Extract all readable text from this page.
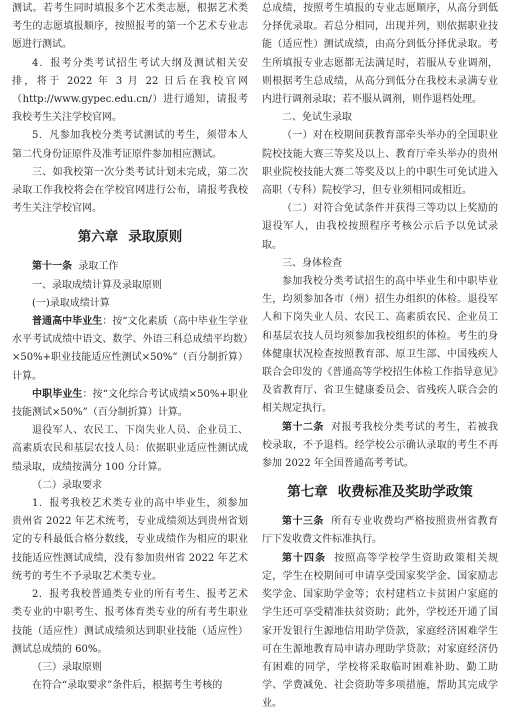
测试。若考生同时填报多个艺术类志愿，根据艺术类考生的志愿填报顺序，按照报考的第一个艺术专业志愿进行测试。

4．报考分类考试招生考试大纲及测试相关安排，将于 2022 年 3 月 22 日后在我校官网（http://www.gypec.edu.cn/）进行通知，请报考我校考生关注学校官网。

5．凡参加我校分类考试测试的考生，须带本人第二代身份证原件及准考证原件参加相应测试。

三、如我校第一次分类考试计划未完成，第二次录取工作我校将会在学校官网进行公布，请报考我校考生关注学校官网。

第六章 录取原则

第十一条 录取工作

一、录取成绩计算及录取原则

(一)录取成绩计算

普通高中毕业生：按“文化素质（高中毕业生学业水平考试成绩中语文、数学、外语三科总成绩平均数）×50%+职业技能适应性测试×50%”（百分制折算）计算。

中职毕业生：按“文化综合考试成绩×50%+职业技能测试×50%”（百分制折算）计算。

退役军人、农民工、下岗失业人员、企业员工、高素质农民和基层农技人员：依据职业适应性测试成绩录取，成绩按满分 100 分计算。

（二）录取要求

1．报考我校艺术类专业的高中毕业生，须参加贵州省 2022 年艺术统考，专业成绩须达到贵州省划定的专科最低合格分数线，专业成绩作为相应的职业技能适应性测试成绩，没有参加贵州省 2022 年艺术统考的考生不予录取艺术类专业。

2．报考我校普通类专业的所有考生、报考艺术类专业的中职考生、报考体育类专业的所有考生职业技能（适应性）测试成绩须达到职业技能（适应性）测试总成绩的 60%。

（三）录取原则

在符合“录取要求”条件后，根据考生考核的

总成绩，按照考生填报的专业志愿顺序，从高分到低分择优录取。若总分相同，出现并列，则依据职业技能（适应性）测试成绩，由高分到低分择优录取。考生所填报专业志愿都无法满足时，若服从专业调剂，则根据考生总成绩，从高分到低分在我校未录满专业内进行调剂录取；若不服从调剂，则作退档处理。

二、免试生录取

（一）对在校期间获教育部牵头举办的全国职业院校技能大赛三等奖及以上、教育厅牵头举办的贵州职业院校技能大赛二等奖及以上的中职生可免试进入高职（专科）院校学习，但专业须相同或相近。

（二）对符合免试条件并获得三等功以上奖励的退役军人，由我校按照程序考核公示后予以免试录取。

三、身体检查

参加我校分类考试招生的高中毕业生和中职毕业生，均须参加各市（州）招生办组织的体检。退役军人和下岗失业人员、农民工、高素质农民、企业员工和基层农技人员均须参加我校组织的体检。考生的身体健康状况检查按照教育部、原卫生部、中国残疾人联合会印发的《普通高等学校招生体检工作指导意见》及省教育厅、省卫生健康委员会、省残疾人联合会的相关规定执行。

第十二条 对报考我校分类考试的考生，若被我校录取，不予退档。经学校公示确认录取的考生不再参加 2022 年全国普通高考考试。

第七章 收费标准及奖助学政策

第十三条 所有专业收费均严格按照贵州省教育厅下发收费文件标准执行。

第十四条 按照高等学校学生资助政策相关规定，学生在校期间可申请享受国家奖学金、国家励志奖学金、国家助学金等；农村建档立卡贫困户家庭的学生还可享受精准扶贫资助；此外，学校还开通了国家开发银行生源地信用助学贷款，家庭经济困难学生可在生源地教育局申请办理助学贷款；对家庭经济仍有困难的同学，学校将采取临时困难补助、勤工助学、学费减免、社会资助等多项措施，帮助其完成学业。
